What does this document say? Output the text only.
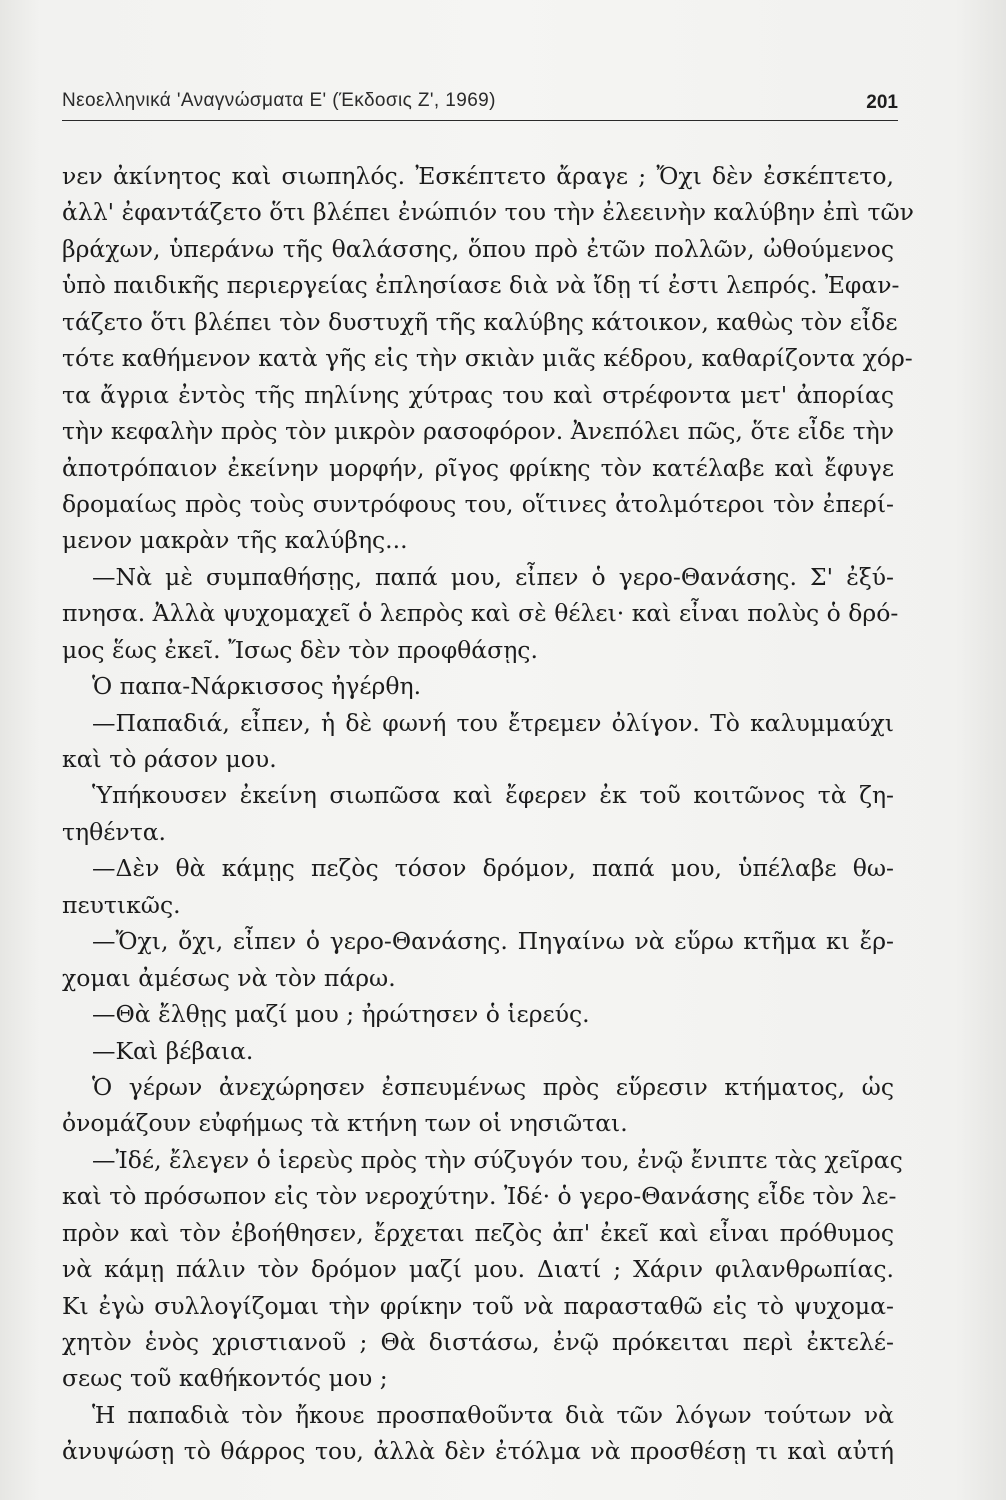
Νεοελληνικά 'Αναγνώσματα Ε' (Έκδοσις Ζ', 1969)	201
νεν ἀκίνητος καὶ σιωπηλός. Ἐσκέπτετο ἄραγε ; Ὄχι δὲν ἐσκέπτετο,
ἀλλ' ἐφαντάζετο ὅτι βλέπει ἐνώπιόν του τὴν ἐλεεινὴν καλύβην ἐπὶ τῶν
βράχων, ὑπεράνω τῆς θαλάσσης, ὅπου πρὸ ἐτῶν πολλῶν, ὠθούμενος
ὑπὸ παιδικῆς περιεργείας ἐπλησίασε διὰ νὰ ἴδῃ τί ἐστι λεπρός. Ἐφαν-
τάζετο ὅτι βλέπει τὸν δυστυχῆ τῆς καλύβης κάτοικον, καθὼς τὸν εἶδε
τότε καθήμενον κατὰ γῆς εἰς τὴν σκιὰν μιᾶς κέδρου, καθαρίζοντα χόρ-
τα ἄγρια ἐντὸς τῆς πηλίνης χύτρας του καὶ στρέφοντα μετ' ἀπορίας
τὴν κεφαλὴν πρὸς τὸν μικρὸν ρασοφόρον. Ἀνεπόλει πῶς, ὅτε εἶδε τὴν
ἀποτρόπαιον ἐκείνην μορφήν, ρῖγος φρίκης τὸν κατέλαβε καὶ ἔφυγε
δρομαίως πρὸς τοὺς συντρόφους του, οἵτινες ἀτολμότεροι τὸν ἐπερί-
μενον μακρὰν τῆς καλύβης...
—Νὰ μὲ συμπαθήσῃς, παπά μου, εἶπεν ὁ γερο-Θανάσης. Σ' ἐξύ-
πνησα. Ἀλλὰ ψυχομαχεῖ ὁ λεπρὸς καὶ σὲ θέλει· καὶ εἶναι πολὺς ὁ δρό-
μος ἕως ἐκεῖ. Ἴσως δὲν τὸν προφθάσῃς.
Ὁ παπα-Νάρκισσος ἠγέρθη.
—Παπαδιά, εἶπεν, ἡ δὲ φωνή του ἔτρεμεν ὀλίγον. Τὸ καλυμμαύχι
καὶ τὸ ράσον μου.
Ὑπήκουσεν ἐκείνη σιωπῶσα καὶ ἔφερεν ἐκ τοῦ κοιτῶνος τὰ ζη-
τηθέντα.
—Δὲν θὰ κάμῃς πεζὸς τόσον δρόμον, παπά μου, ὑπέλαβε θω-
πευτικῶς.
—Ὄχι, ὄχι, εἶπεν ὁ γερο-Θανάσης. Πηγαίνω νὰ εὕρω κτῆμα κι ἔρ-
χομαι ἀμέσως νὰ τὸν πάρω.
—Θὰ ἔλθῃς μαζί μου ; ἠρώτησεν ὁ ἱερεύς.
—Καὶ βέβαια.
Ὁ γέρων ἀνεχώρησεν ἐσπευμένως πρὸς εὕρεσιν κτήματος, ὡς
ὀνομάζουν εὐφήμως τὰ κτήνη των οἱ νησιῶται.
—Ἰδέ, ἔλεγεν ὁ ἱερεὺς πρὸς τὴν σύζυγόν του, ἐνῷ ἔνιπτε τὰς χεῖρας
καὶ τὸ πρόσωπον εἰς τὸν νεροχύτην. Ἰδέ· ὁ γερο-Θανάσης εἶδε τὸν λε-
πρὸν καὶ τὸν ἐβοήθησεν, ἔρχεται πεζὸς ἀπ' ἐκεῖ καὶ εἶναι πρόθυμος
νὰ κάμῃ πάλιν τὸν δρόμον μαζί μου. Διατί ; Χάριν φιλανθρωπίας.
Κι ἐγὼ συλλογίζομαι τὴν φρίκην τοῦ νὰ παρασταθῶ εἰς τὸ ψυχομα-
χητὸν ἑνὸς χριστιανοῦ ; Θὰ διστάσω, ἐνῷ πρόκειται περὶ ἐκτελέ-
σεως τοῦ καθήκοντός μου ;
Ἡ παπαδιὰ τὸν ἤκουε προσπαθοῦντα διὰ τῶν λόγων τούτων νὰ
ἀνυψώσῃ τὸ θάρρος του, ἀλλὰ δὲν ἐτόλμα νὰ προσθέσῃ τι καὶ αὐτή
